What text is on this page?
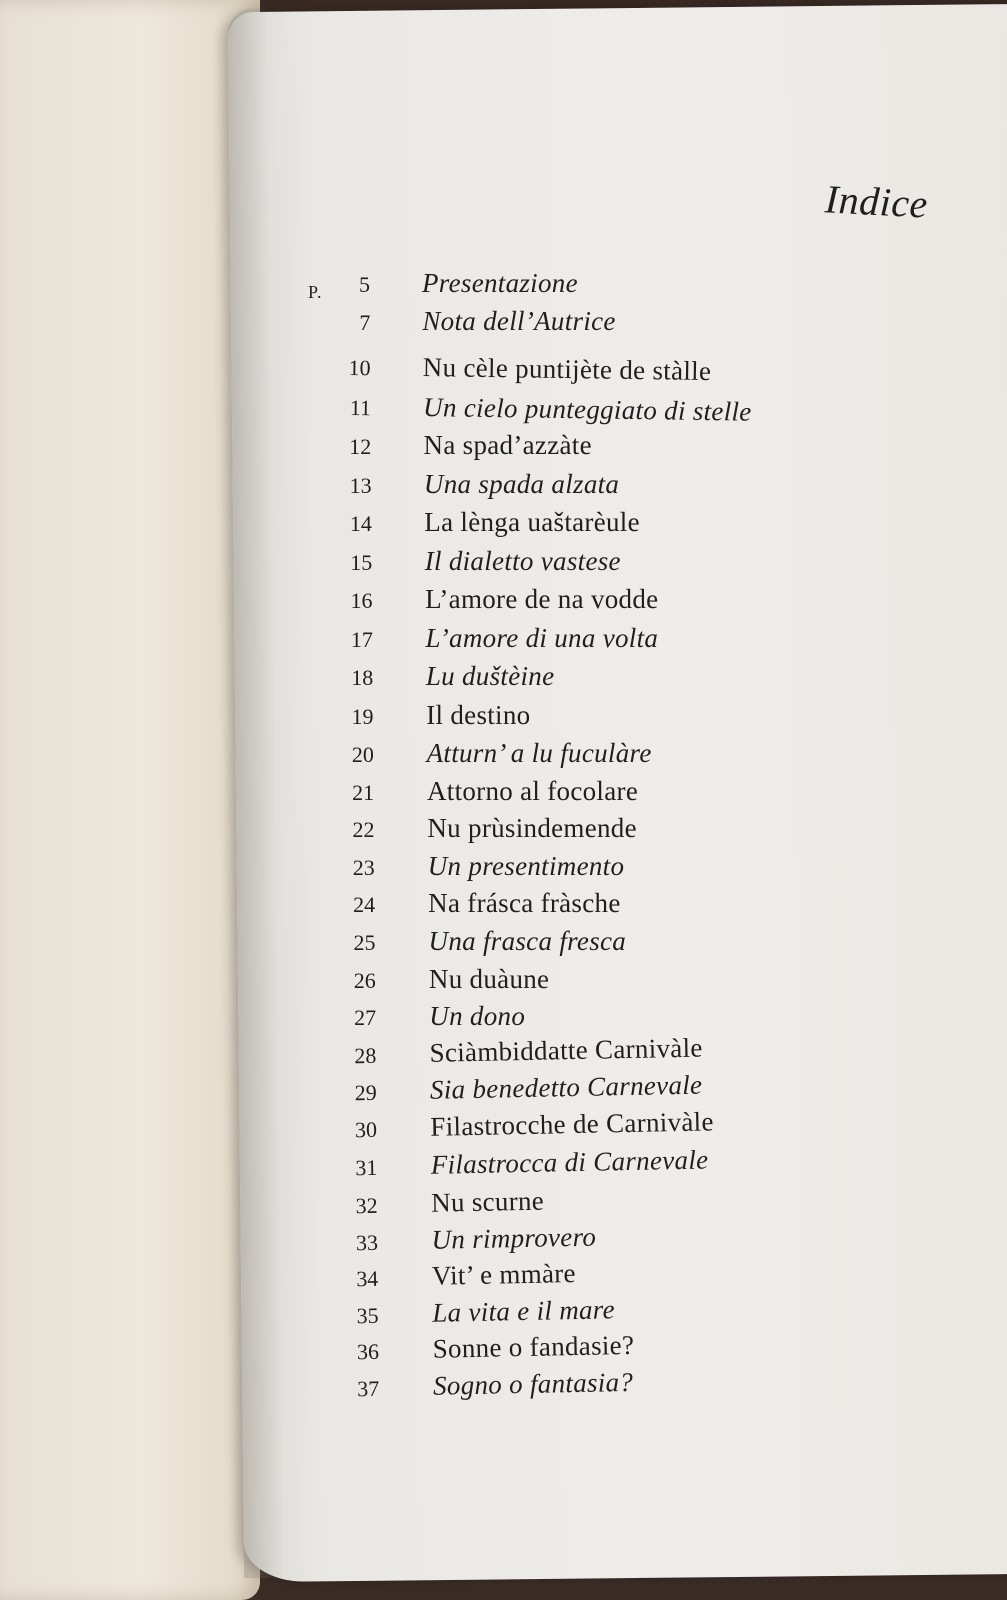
Indice
P.	5 Presentazione
7 Nota dell’Autrice
10 Nu cèle puntijète de stàlle
11 Un cielo punteggiato di stelle
12 Na spad’azzàte
13 Una spada alzata
14 La lènga uaštarèule
15 Il dialetto vastese
16 L’amore de na vodde
17 L’amore di una volta
18 Lu duštèine
19 Il destino
20 Atturn’ a lu fuculàre
21 Attorno al focolare
22 Nu prùsindemende
23 Un presentimento
24 Na frásca fràsche
25 Una frasca fresca
26 Nu duàune
27 Un dono
28 Sciàmbiddatte Carnivàle
29 Sia benedetto Carnevale
30 Filastrocche de Carnivàle
31 Filastrocca di Carnevale
32 Nu scurne
33 Un rimprovero
34 Vit’ e mmàre
35 La vita e il mare
36 Sonne o fandasie?
37 Sogno o fantasia?
